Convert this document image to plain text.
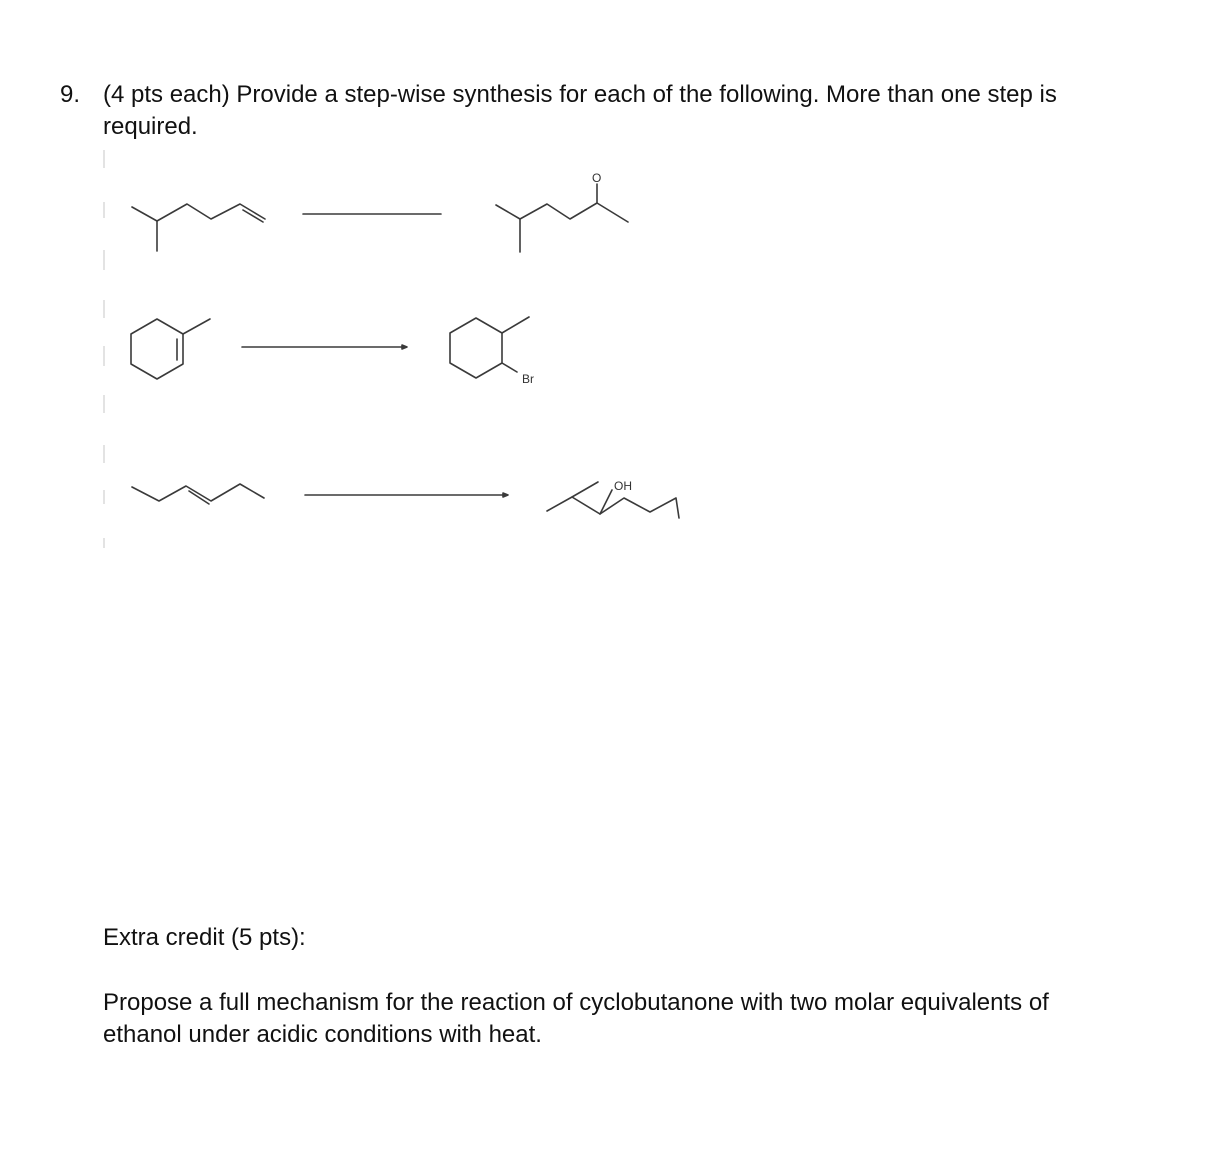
9. (4 pts each) Provide a step-wise synthesis for each of the following. More than one step is required.
O
Br
OH
Extra credit (5 pts):
Propose a full mechanism for the reaction of cyclobutanone with two molar equivalents of ethanol under acidic conditions with heat.
